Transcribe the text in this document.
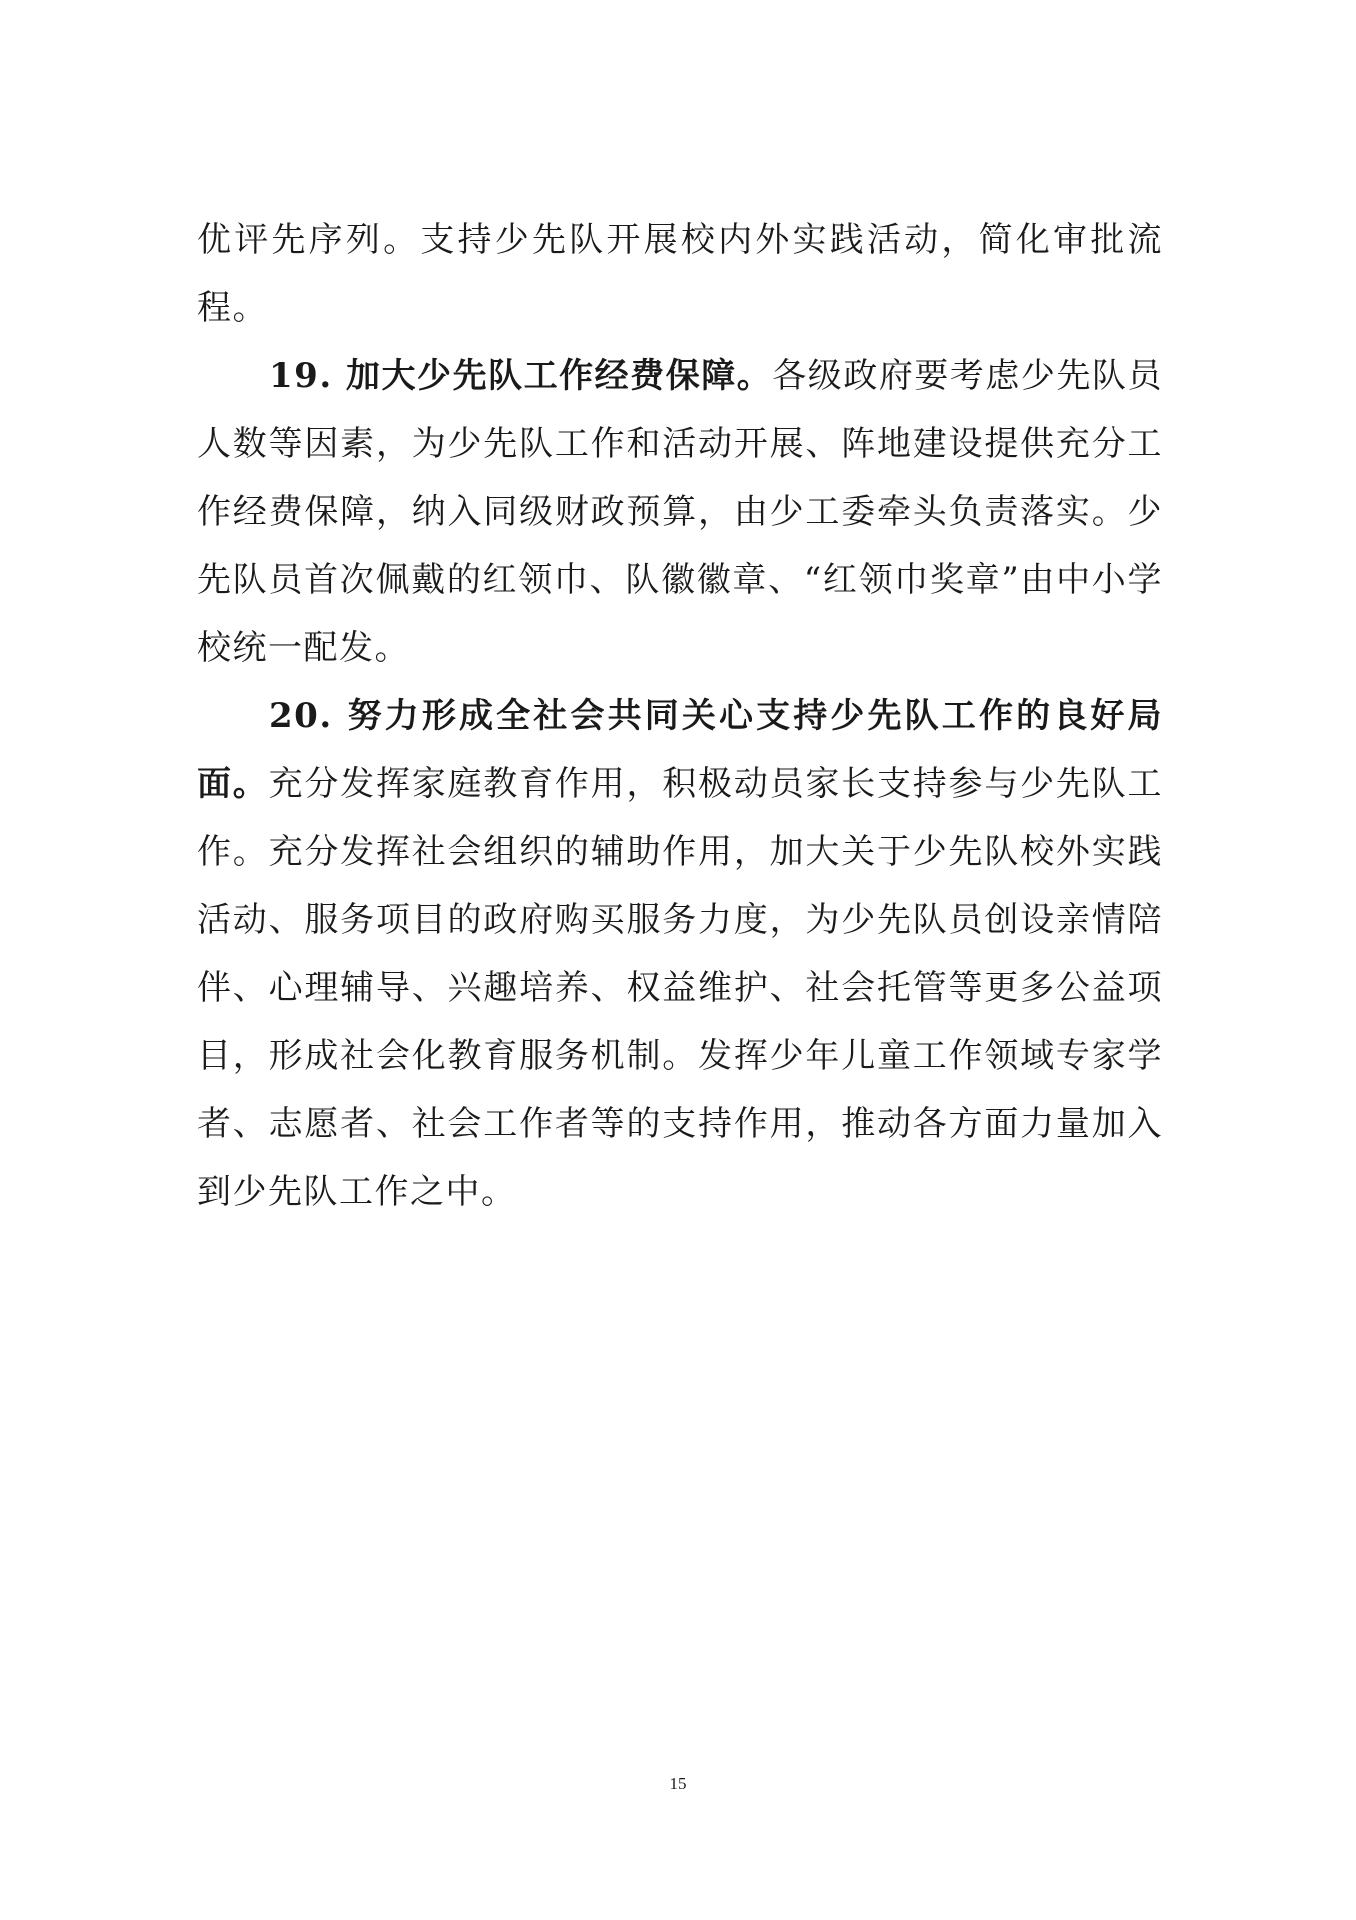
优评先序列。支持少先队开展校内外实践活动，简化审批流程。

19. 加大少先队工作经费保障。各级政府要考虑少先队员人数等因素，为少先队工作和活动开展、阵地建设提供充分工作经费保障，纳入同级财政预算，由少工委牵头负责落实。少先队员首次佩戴的红领巾、队徽徽章、“红领巾奖章”由中小学校统一配发。

20. 努力形成全社会共同关心支持少先队工作的良好局面。充分发挥家庭教育作用，积极动员家长支持参与少先队工作。充分发挥社会组织的辅助作用，加大关于少先队校外实践活动、服务项目的政府购买服务力度，为少先队员创设亲情陪伴、心理辅导、兴趣培养、权益维护、社会托管等更多公益项目，形成社会化教育服务机制。发挥少年儿童工作领域专家学者、志愿者、社会工作者等的支持作用，推动各方面力量加入到少先队工作之中。

15
